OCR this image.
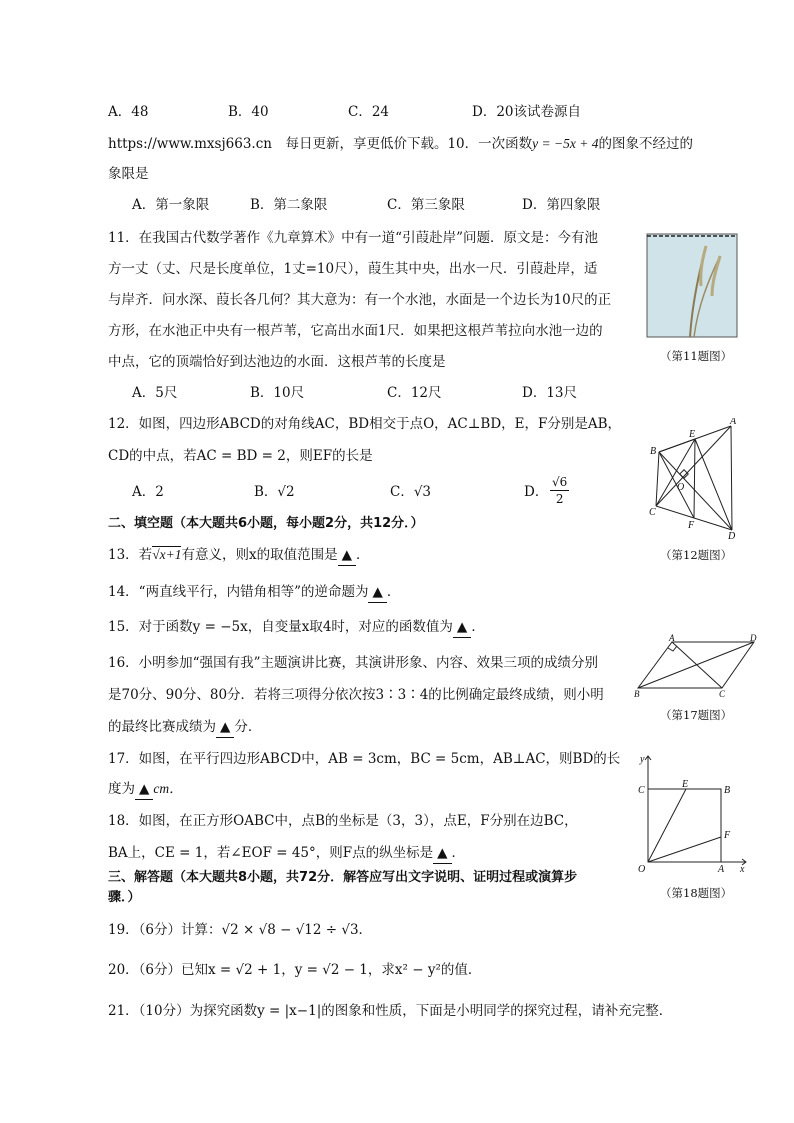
A．48	B．40	C．24	D．20该试卷源自
https://www.mxsj663.cn　每日更新，享更低价下载。10．一次函数y = −5x + 4的图象不经过的
象限是
A．第一象限	B．第二象限	C．第三象限	D．第四象限
11．在我国古代数学著作《九章算术》中有一道“引葭赴岸”问题．原文是：今有池
方一丈（丈、尺是长度单位，1丈=10尺），葭生其中央，出水一尺．引葭赴岸，适
与岸齐．问水深、葭长各几何？其大意为：有一个水池，水面是一个边长为10尺的正
方形，在水池正中央有一根芦苇，它高出水面1尺．如果把这根芦苇拉向水池一边的
中点，它的顶端恰好到达池边的水面．这根芦苇的长度是
A．5尺	B．10尺	C．12尺	D．13尺
（第11题图）
12．如图，四边形ABCD的对角线AC，BD相交于点O，AC⊥BD，E，F分别是AB，
CD的中点，若AC = BD = 2，则EF的长是
A．2	B．√2	C．√3	D． $\frac{√6}{2}$
A
B
C
D
E
F
O
二、填空题（本大题共6小题，每小题2分，共12分．）
13．若√x+1有意义，则x的取值范围是 ▲ ．	（第12题图）
14．“两直线平行，内错角相等”的逆命题为 ▲ ．
15．对于函数y = −5x，自变量x取4时，对应的函数值为 ▲ ．
16．小明参加“强国有我”主题演讲比赛，其演讲形象、内容、效果三项的成绩分别
是70分、90分、80分．若将三项得分依次按3∶3∶4的比例确定最终成绩，则小明
的最终比赛成绩为 ▲ 分．
A	D
B	C
（第17题图）
17．如图，在平行四边形ABCD中，AB = 3cm，BC = 5cm，AB⊥AC，则BD的长
度为 ▲ cm．
18．如图，在正方形OABC中，点B的坐标是（3，3），点E，F分别在边BC，
BA上，CE = 1，若∠EOF = 45°，则F点的纵坐标是 ▲ ．
y
x
O	A
B
C
E
F
（第18题图）
三、解答题（本大题共8小题，共72分．解答应写出文字说明、证明过程或演算步
骤．）
19．（6分）计算：√2 × √8 − √12 ÷ √3．
20．（6分）已知x = √2 + 1，y = √2 − 1，求x² − y²的值．
21．（10分）为探究函数y = |x−1|的图象和性质，下面是小明同学的探究过程，请补充完整．
